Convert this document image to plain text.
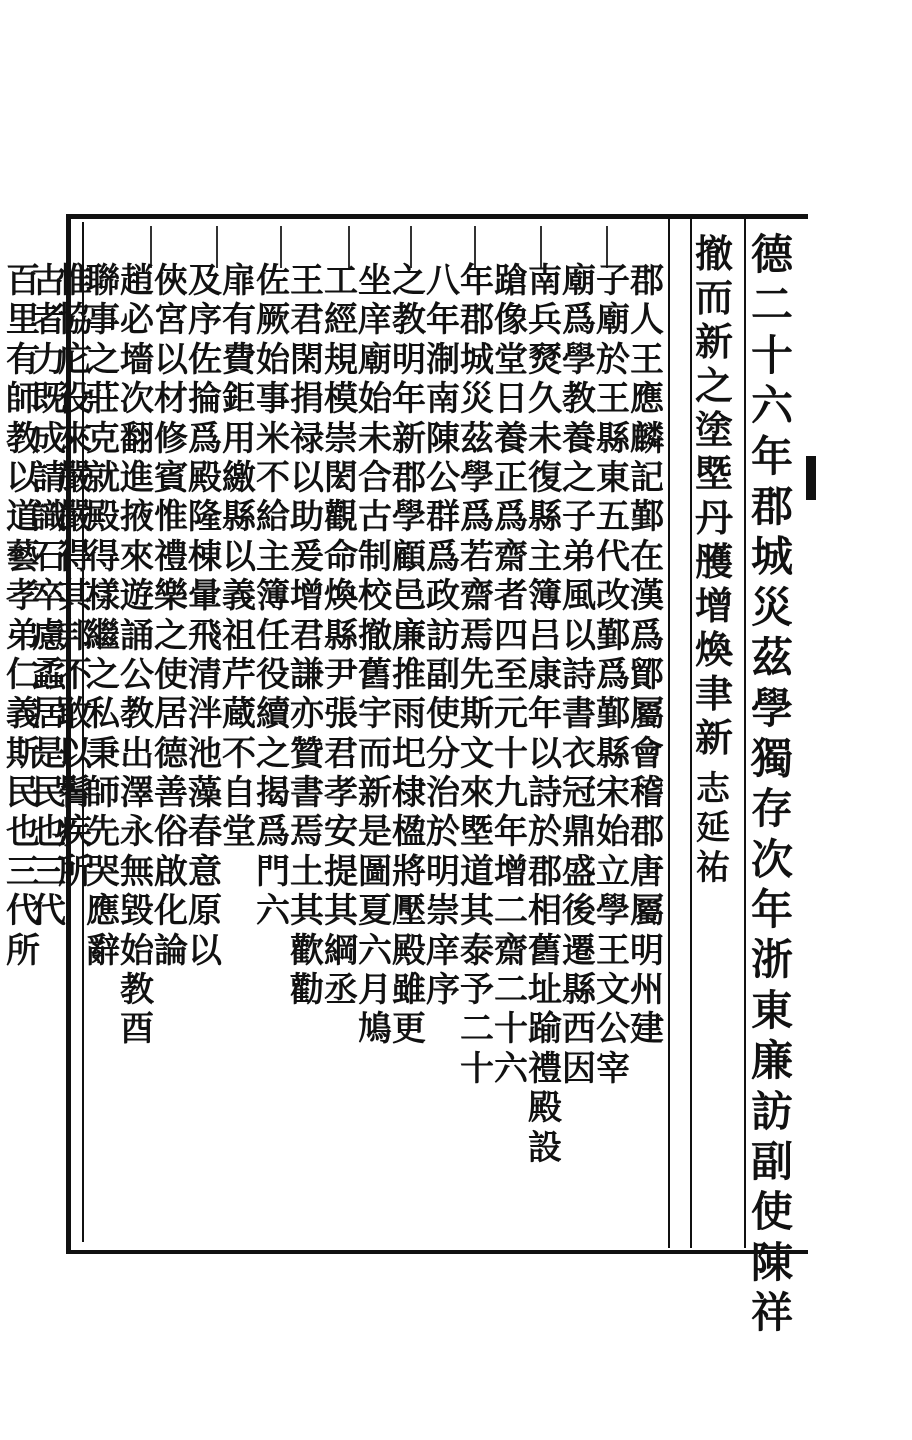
德
二
十
六
年
郡
城
災
茲
學
獨
存
次
年
浙
東
廉
訪
副
使
陳
祥
撤
而
新
之
塗
塈
丹
雘
增
煥
聿
新
志
延
祐
郡
人
王
應
麟
記
鄞
在
漢
爲
鄮
屬
會
稽
郡
唐
屬
明
州
建
子
廟
於
王
縣
東
五
代
改
鄞
爲
鄞
縣
宋
始
立
學
王
文
公
宰
廟
爲
學
教
養
之
子
弟
風
以
詩
書
衣
冠
鼎
盛
後
遷
縣
西
因
南
兵
燹
久
未
復
縣
主
簿
吕
康
年
以
詩
於
郡
相
舊
址
踰
禮
殿
設
蹌
像
堂
日
養
正
爲
齋
者
四
至
元
十
九
年
增
二
齋
二
十
六
年
郡
城
災
茲
學
爲
若
齋
焉
先
斯
文
來
塈
道
其
泰
予
二
十
八
年
淛
南
陳
公
群
爲
政
訪
副
使
分
治
於
明
崇
庠
序
之
教
明
年
新
郡
學
顧
邑
廉
推
雨
圯
棣
楹
將
壓
殿
雖
更
坐
庠
廟
始
未
合
古
制
校
撤
舊
宇
而
新
是
圖
夏
六
月
鳩
工
經
規
模
崇
閎
觀
命
煥
縣
尹
張
君
孝
安
提
其
綱
丞
王
君
閑
捐
禄
以
助
爰
增
君
謙
亦
贊
書
焉
土
其
歡
勸
佐
厥
始
事
米
不
給
主
簿
任
役
續
之
揭
爲
門
六
扉
有
費
鉅
用
繳
縣
以
義
祖
芹
蔵
不
自
堂
及
序
佐
掄
爲
殿
隆
棟
暈
飛
清
泮
池
藻
春
意
原
以
俠
宮
以
材
修
賓
惟
禮
樂
之
使
居
德
善
俗
啟
化
論
趙
必
墻
次
翻
進
掖
來
遊
誦
公
教
出
澤
永
無
毀
始
教
酉
聯
事
之
莊
克
就
殿
得
樣
繼
之
私
秉
師
先
哭
應
辭
惟
協
庀
役
來
嚴
嚴
得
其
邦
不
敢
以
鬌
疾
所
古
者
力
既
成
請
識
石
卒
慮
蟊
居
是
民
也
三
代
百
里
有
師
教
以
道
藝
孝
弟
仁
義
斯
民
也
三
代
所
